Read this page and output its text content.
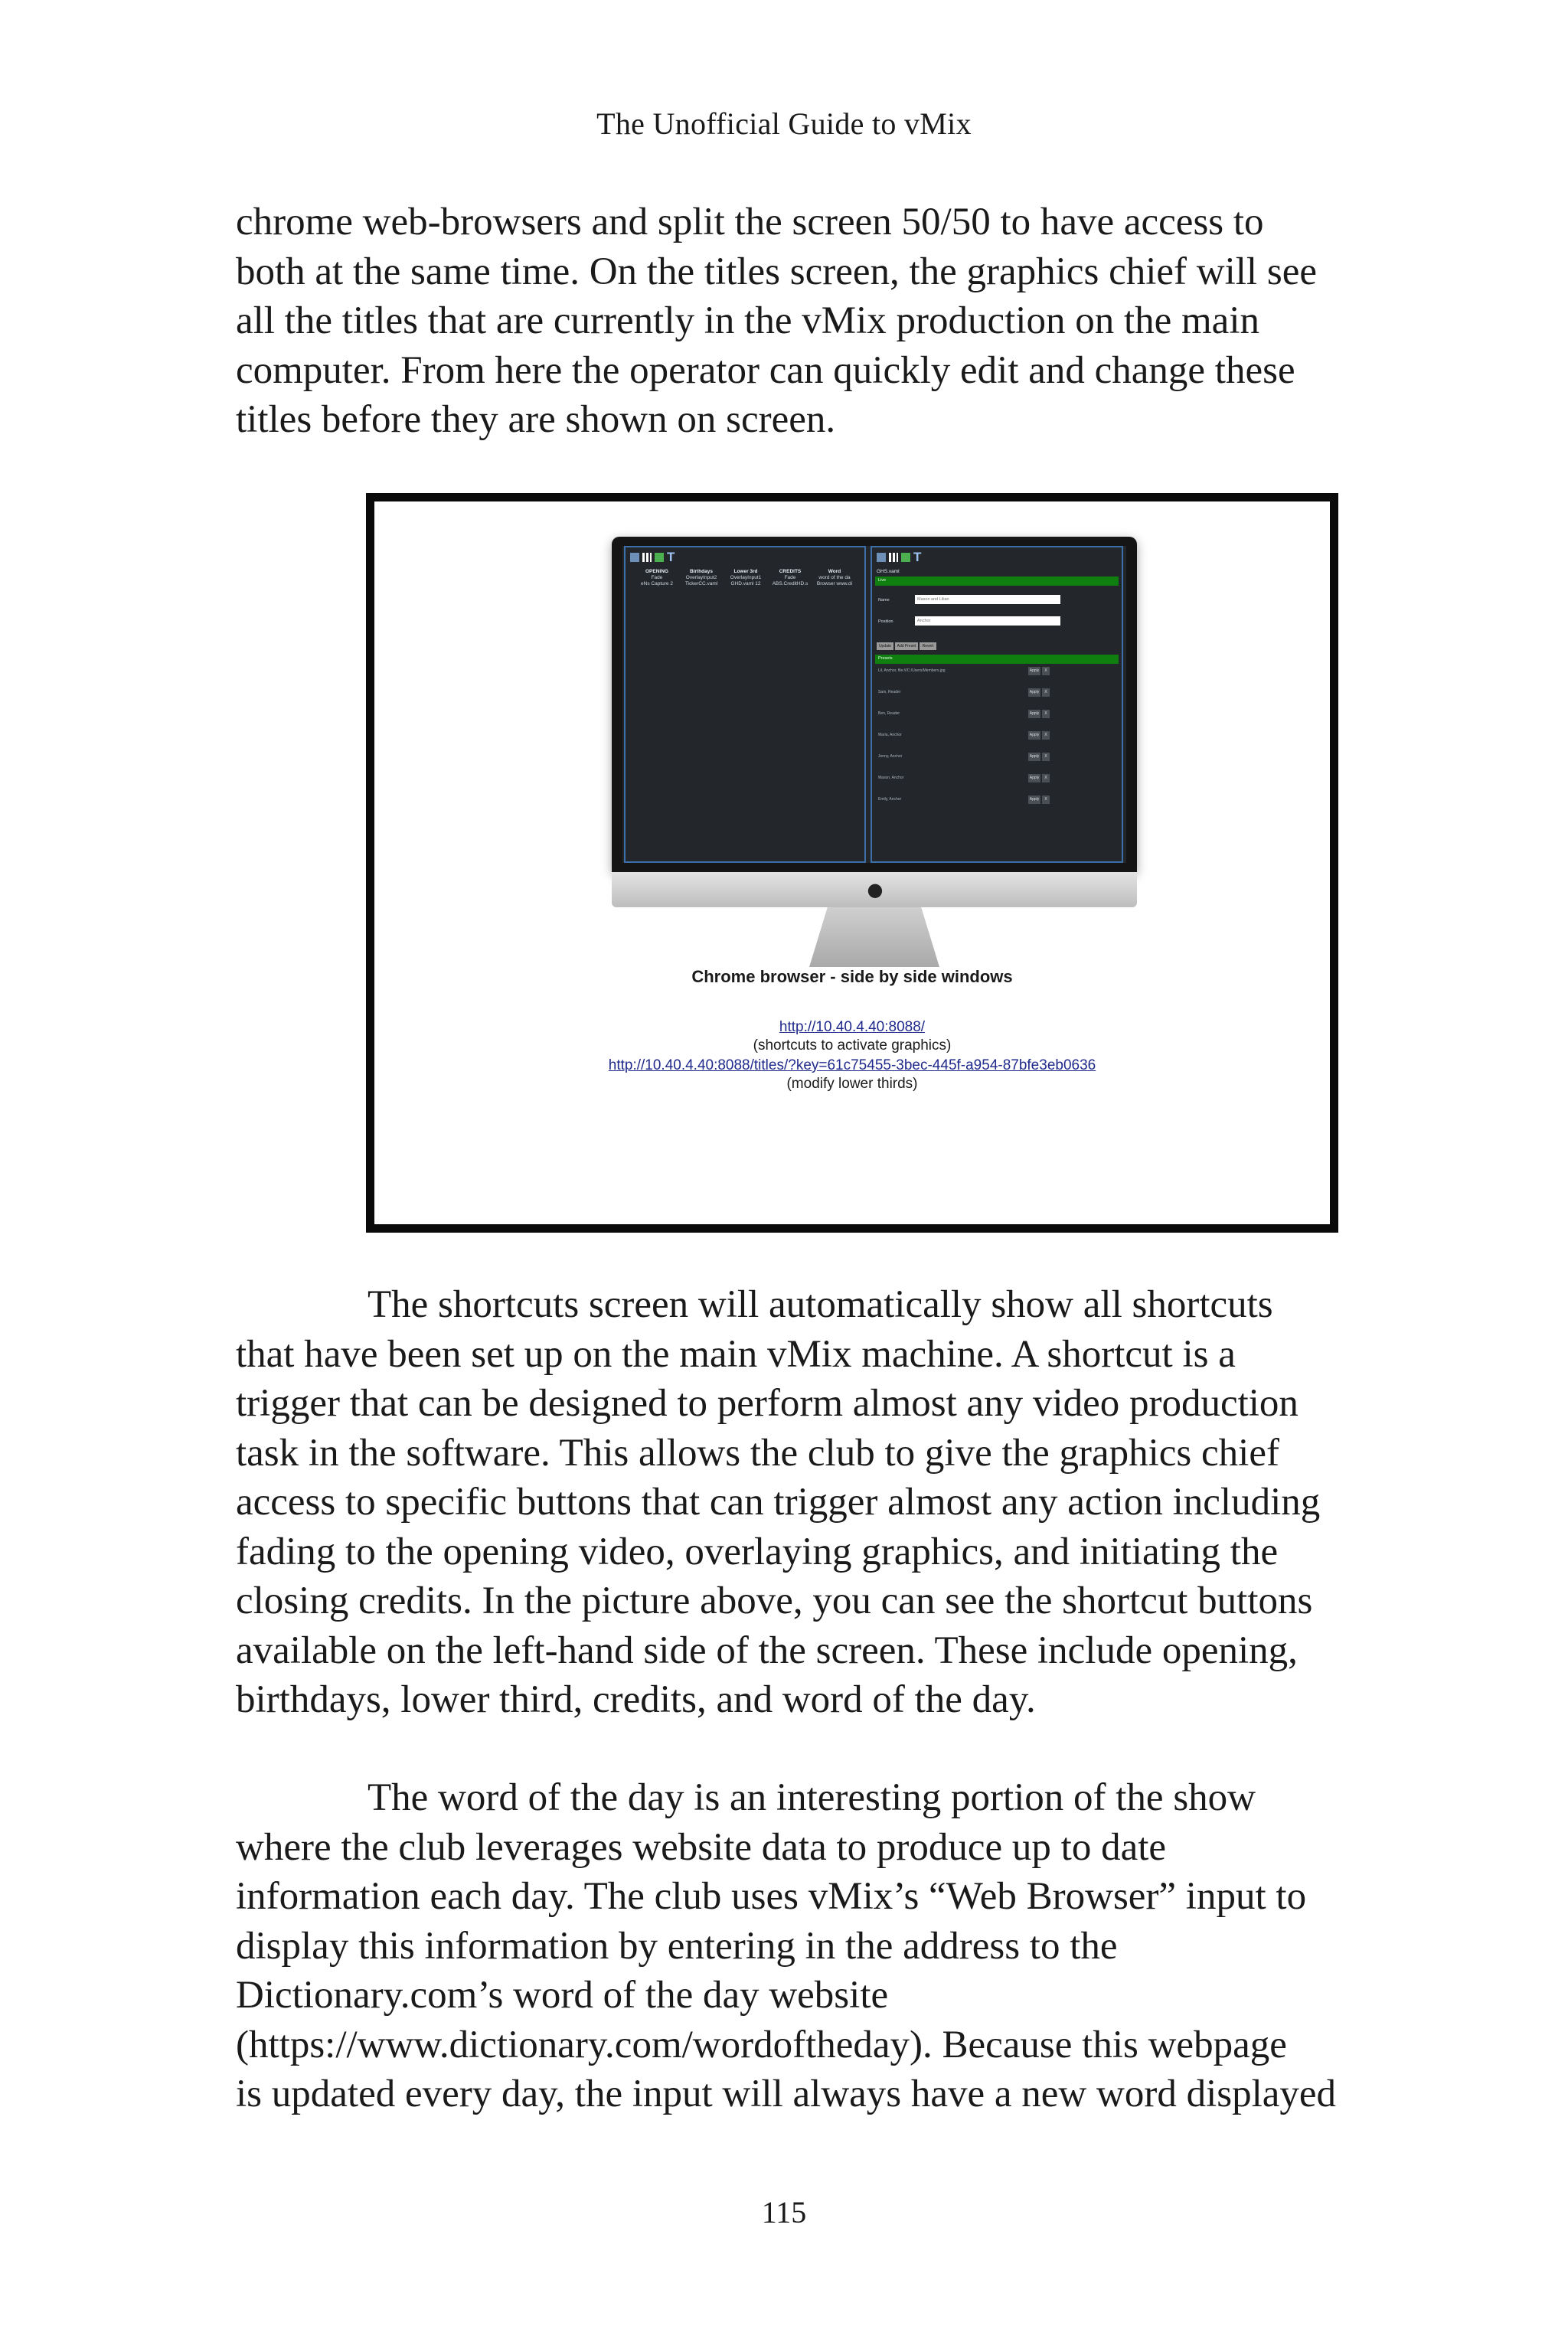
The Unofficial Guide to vMix

chrome web-browsers and split the screen 50/50 to have access to
both at the same time. On the titles screen, the graphics chief will see
all the titles that are currently in the vMix production on the main
computer. From here the operator can quickly edit and change these
titles before they are shown on screen.

T
OPENING	Birthdays	Lower 3rd	CREDITS	Word
Fade	OverlayInput2	OverlayInput1	Fade	word of the da
eNs Capture 2	TickerCC.vaml	GHD.vaml 12	ABS.CreditHD.s	Browser www.di
T
GHS.vaml
Live
Name	Mason and Lilian
Position	Anchor
Update	Add Preset	Revert
Presets
Lil, Anchor, file:///C:/Users/Members.jpg	Apply	X
Sam, Reader	Apply	X
Ben, Reader	Apply	X
Maria, Anchor	Apply	X
Jenny, Anchor	Apply	X
Mason, Anchor	Apply	X
Emily, Anchor	Apply	X
●
Chrome browser - side by side windows
http://10.40.4.40:8088/
(shortcuts to activate graphics)
http://10.40.4.40:8088/titles/?key=61c75455-3bec-445f-a954-87bfe3eb0636
(modify lower thirds)

The shortcuts screen will automatically show all shortcuts
that have been set up on the main vMix machine. A shortcut is a
trigger that can be designed to perform almost any video production
task in the software. This allows the club to give the graphics chief
access to specific buttons that can trigger almost any action including
fading to the opening video, overlaying graphics, and initiating the
closing credits. In the picture above, you can see the shortcut buttons
available on the left-hand side of the screen. These include opening,
birthdays, lower third, credits, and word of the day.

The word of the day is an interesting portion of the show
where the club leverages website data to produce up to date
information each day. The club uses vMix’s “Web Browser” input to
display this information by entering in the address to the
Dictionary.com’s word of the day website
(https://www.dictionary.com/wordoftheday). Because this webpage
is updated every day, the input will always have a new word displayed

115
